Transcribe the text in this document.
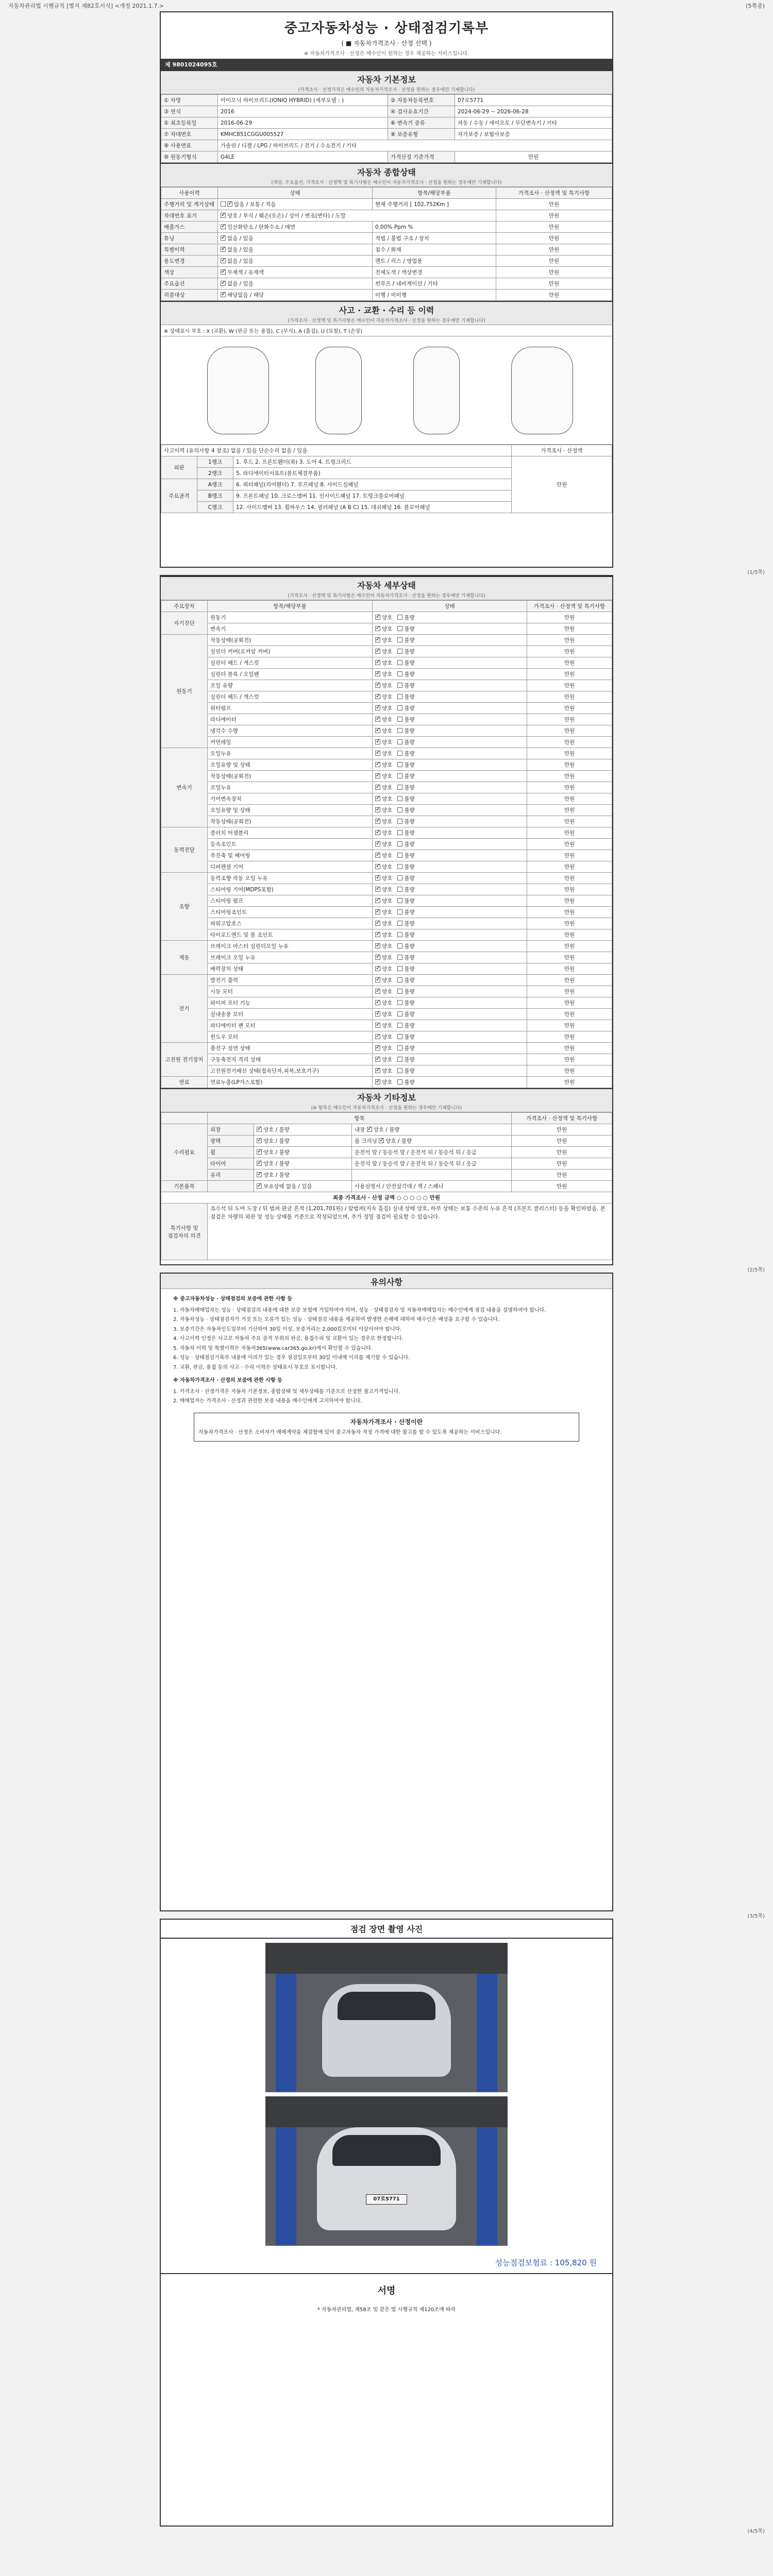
자동차관리법 시행규칙 [별지 제82호서식] <개정 2021.1.7.>	(5쪽중)
중고자동차성능 · 상태점검기록부
( ■ 자동차가격조사 · 산정 선택 )
※ 자동차가격조사 · 산정은 매수인이 원하는 경우 제공하는 서비스입니다.
제 9801024095호
자동차 기본정보
(가격조사 · 산정가격은 매수인의 자동차가격조사 · 산정을 원하는 경우에만 기재합니다)
① 차명	아이오닉 하이브리드(IONIQ HYBRID) (세부모델 : )	② 자동차등록번호	07로5771
③ 연식	2016	④ 검사유효기간	2024-06-29 ~ 2026-06-28
⑤ 최초등록일	2016-06-29	⑥ 변속기 종류	자동 / 수동 / 세미오토 / 무단변속기 / 기타
⑦ 차대번호	KMHC851CGGU005527	⑧ 보증유형	자가보증 / 보험사보증
⑨ 사용연료	가솔린 / 디젤 / LPG / 하이브리드 / 전기 / 수소전기 / 기타		
⑩ 원동기형식	G4LE	가격산정 기준가격	만원
자동차 종합상태
(색상, 주요옵션, 가격조사 · 산정액 및 특기사항은 매수인이 자동차가격조사 · 산정을 원하는 경우에만 기재합니다)
사용이력	상태	항목/해당부품	가격조사 · 산정액 및 특기사항
주행거리 및 계기상태	✓많음 / 보통 / 적음	현재 주행거리 [ 102,752Km ]	만원
차대번호 표기	✓양호 / 부식 / 훼손(오손) / 상이 / 변조(변타) / 도말		만원
배출가스	✓일산화탄소 / 탄화수소 / 매연	0.00% Ppm %	만원
튜닝	✓없음 / 있음	적법 / 불법 구조 / 장치	만원
특별이력	✓없음 / 있음	침수 / 화재	만원
용도변경	✓없음 / 있음	렌트 / 리스 / 영업용	만원
색상	✓무채색 / 유채색	전체도색 / 색상변경	만원
주요옵션	✓없음 / 있음	썬루프 / 네비게이션 / 기타	만원
리콜대상	✓해당없음 / 해당	이행 / 미이행	만원
사고 · 교환 · 수리 등 이력
(가격조사 · 산정액 및 특기사항은 매수인이 자동차가격조사 · 산정을 원하는 경우에만 기재합니다)
※ 상태표시 부호 : X (교환), W (판금 또는 용접), C (부식), A (흠집), U (요철), T (손상)
사고이력 (유의사항 4 참조) 없음 / 있음 단순수리 없음 / 있음			가격조사 · 산정액
외판	1랭크	1. 후드 2. 프론트휀더(좌) 3. 도어 4. 트렁크리드	만원
	2랭크	5. 라디에이터서포트(볼트체결부품)	
주요골격	A랭크	6. 쿼터패널(리어휀더) 7. 루프패널 8. 사이드실패널	
	B랭크	9. 프론트패널 10. 크로스멤버 11. 인사이드패널 17. 트렁크플로어패널	
	C랭크	12. 사이드멤버 13. 휠하우스 14. 필러패널 (A B C) 15. 대쉬패널 16. 플로어패널	
(1/5쪽)
자동차 세부상태
(가격조사 · 산정액 및 특기사항은 매수인이 자동차가격조사 · 산정을 원하는 경우에만 기재합니다)
주요장치	항목/해당부품	상태	가격조사 · 산정액 및 특기사항
자기진단	원동기	✓양호 불량	만원
	변속기	✓양호 불량	만원
원동기	작동상태(공회전)	✓양호 불량	만원
	실린더 커버(로커암 커버)	✓양호 불량	만원
	실린더 헤드 / 개스킷	✓양호 불량	만원
	실린더 블록 / 오일팬	✓양호 불량	만원
	오일 유량	✓양호 불량	만원
	실린더 헤드 / 개스킷	✓양호 불량	만원
	워터펌프	✓양호 불량	만원
	라디에이터	✓양호 불량	만원
	냉각수 수량	✓양호 불량	만원
	커먼레일	✓양호 불량	만원
변속기	오일누유	✓양호 불량	만원
	오일유량 및 상태	✓양호 불량	만원
	작동상태(공회전)	✓양호 불량	만원
	오일누유	✓양호 불량	만원
	기어변속장치	✓양호 불량	만원
	오일유량 및 상태	✓양호 불량	만원
	작동상태(공회전)	✓양호 불량	만원
동력전달	클러치 어셈블리	✓양호 불량	만원
	등속조인트	✓양호 불량	만원
	추진축 및 베어링	✓양호 불량	만원
	디퍼렌셜 기어	✓양호 불량	만원
조향	동력조향 작동 오일 누유	✓양호 불량	만원
	스티어링 기어(MDPS포함)	✓양호 불량	만원
	스티어링 펌프	✓양호 불량	만원
	스티어링조인트	✓양호 불량	만원
	파워고압호스	✓양호 불량	만원
	타이로드엔드 및 볼 조인트	✓양호 불량	만원
제동	브레이크 마스터 실린더오일 누유	✓양호 불량	만원
	브레이크 오일 누유	✓양호 불량	만원
	배력장치 상태	✓양호 불량	만원
전기	발전기 출력	✓양호 불량	만원
	시동 모터	✓양호 불량	만원
	와이퍼 모터 기능	✓양호 불량	만원
	실내송풍 모터	✓양호 불량	만원
	라디에이터 팬 모터	✓양호 불량	만원
	윈도우 모터	✓양호 불량	만원
고전원 전기장치	충전구 절연 상태	✓양호 불량	만원
	구동축전지 격리 상태	✓양호 불량	만원
	고전원전기배선 상태(접속단자,피복,보호기구)	✓양호 불량	만원
연료	연료누출(LP가스포함)	✓양호 불량	만원
자동차 기타정보
(※ 항목은 매수인이 자동차가격조사 · 산정을 원하는 경우에만 기재합니다)
	항목			가격조사 · 산정액 및 특기사항
수리필요	외장	✓양호 / 불량	내장 ✓ 양호 / 불량	만원
	광택	✓양호 / 불량	룸 크리닝 ✓ 양호 / 불량	만원
	휠	✓양호 / 불량	운전석 앞 / 동승석 앞 / 운전석 뒤 / 동승석 뒤 / 응급	만원
	타이어	✓양호 / 불량	운전석 앞 / 동승석 앞 / 운전석 뒤 / 동승석 뒤 / 응급	만원
	유리	✓양호 / 불량		만원
기본품목		✓보유상태 없음 / 있음	사용설명서 / 안전삼각대 / 잭 / 스패너	만원
최종 가격조사 · 산정 금액 ○ ○ ○ ○ ○ 만원				
특기사항 및 점검자의 의견	조수석 뒤 도어 도장 / 뒤 범퍼 판금 흔적 (1,201,701원) / 앞범퍼(지속 흠집) 실내 상태 양호, 하부 상태는 보통 수준의 누유 흔적 (프론트 클러스터) 등을 확인하였음. 본 점검은 차량의 외관 및 성능 상태를 기준으로 작성되었으며, 추가 정밀 점검이 필요할 수 있습니다.			
(2/5쪽)
유의사항

※ 중고자동차성능 · 상태점검의 보증에 관한 사항 등

1. 자동차매매업자는 성능 · 상태점검의 내용에 대한 보증 보험에 가입하여야 하며, 성능 · 상태점검자 및 자동차매매업자는 매수인에게 점검 내용을 설명하여야 합니다.

2. 자동차성능 · 상태점검자가 거짓 또는 오류가 있는 성능 · 상태점검 내용을 제공하여 발생한 손해에 대하여 매수인은 배상을 요구할 수 있습니다.

3. 보증기간은 자동차인도일부터 기산하여 30일 이상, 보증거리는 2,000킬로미터 이상이어야 합니다.

4. 사고이력 인정은 사고로 자동차 주요 골격 부위의 판금, 용접수리 및 교환이 있는 경우로 한정합니다.

5. 자동차 이력 및 특별이력은 자동차365(www.car365.go.kr)에서 확인할 수 있습니다.

6. 성능 · 상태점검기록부 내용에 이의가 있는 경우 점검일로부터 30일 이내에 이의를 제기할 수 있습니다.

7. 교환, 판금, 용접 등의 사고 · 수리 이력은 상태표시 부호로 표시합니다.

※ 자동차가격조사 · 산정의 보증에 관한 사항 등

1. 가격조사 · 산정가격은 자동차 기본정보, 종합상태 및 세부상태를 기준으로 산정한 참고가격입니다.

2. 매매업자는 가격조사 · 산정과 관련한 보증 내용을 매수인에게 고지하여야 합니다.

자동차가격조사 · 산정이란
자동차가격조사 · 산정은 소비자가 매매계약을 체결함에 있어 중고자동차 적정 가격에 대한 참고를 할 수 있도록 제공하는 서비스입니다.
(3/5쪽)
점검 장면 촬영 사진
07로5771
성능점검보험료 : 105,820 원
서명
* 자동차관리법, 제58조 및 같은 법 시행규칙 제120조에 따라
(4/5쪽)
